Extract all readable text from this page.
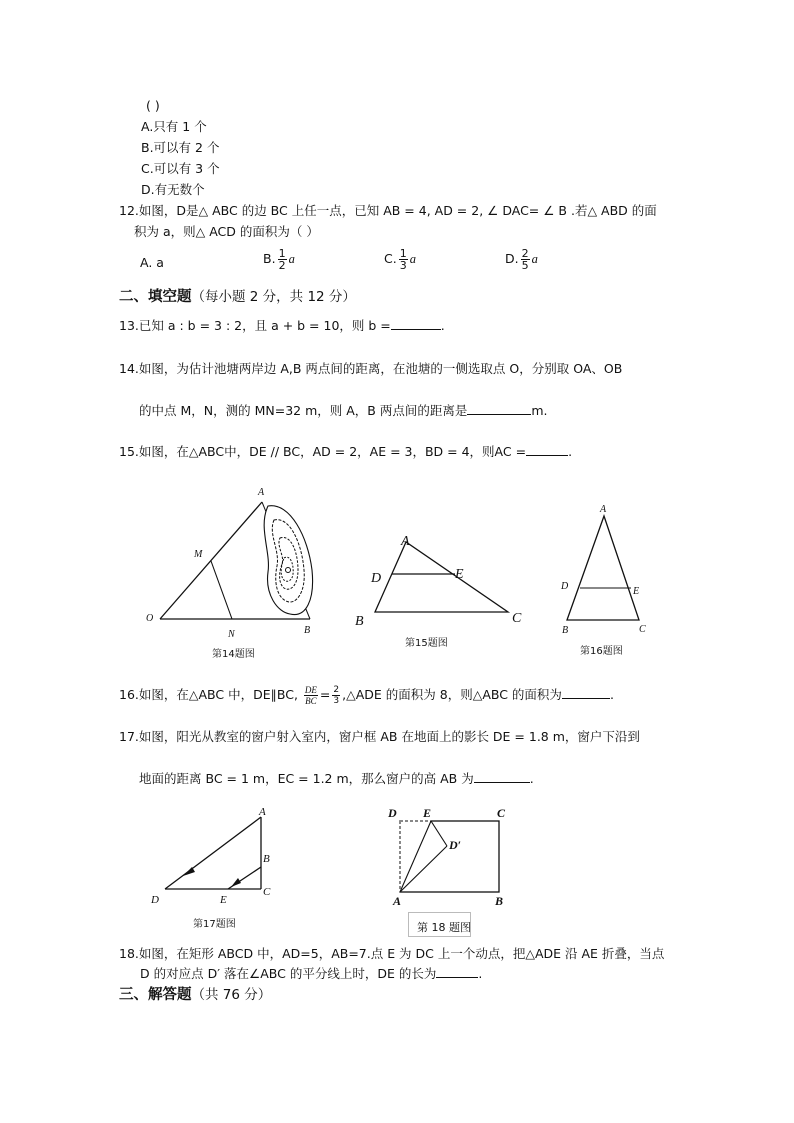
( )
A.只有 1 个
B.可以有 2 个
C.可以有 3 个
D.有无数个
12.如图，D是△ ABC 的边 BC 上任一点，已知 AB = 4, AD = 2, ∠ DAC= ∠ B .若△ ABD 的面
积为 a，则△ ACD 的面积为（ ）
A. a	B. $\frac{1}{2}$ a	C. $\frac{1}{3}$ a	D. $\frac{2}{5}$ a
二、填空题（每小题 2 分，共 12 分）
13.已知 a : b = 3 : 2，且 a + b = 10，则 b =	.
14.如图，为估计池塘两岸边 A,B 两点间的距离，在池塘的一侧选取点 O，分别取 OA、OB
的中点 M，N，测的 MN=32 m，则 A，B 两点间的距离是	m.
15.如图，在△ABC中，DE // BC，AD = 2，AE = 3，BD = 4，则AC =	.
A
M
O
N	B
第14题图
A
D	E
B	C
第15题图
A
D	E
B	C
第16题图
16.如图，在△ABC 中，DE∥BC, $\frac{DE}{BC} = \frac{2}{3}$ ,△ADE 的面积为 8，则△ABC 的面积为	.
17.如图，阳光从教室的窗户射入室内，窗户框 AB 在地面上的影长 DE = 1.8 m，窗户下沿到
地面的距离 BC = 1 m，EC = 1.2 m，那么窗户的高 AB 为	.
A
B
C
D	E
第17题图
D E	C
D′
A	B
第 18 题图
18.如图，在矩形 ABCD 中，AD=5，AB=7.点 E 为 DC 上一个动点，把△ADE 沿 AE 折叠，当点
D 的对应点 D′ 落在∠ABC 的平分线上时，DE 的长为	.
三、解答题（共 76 分）
